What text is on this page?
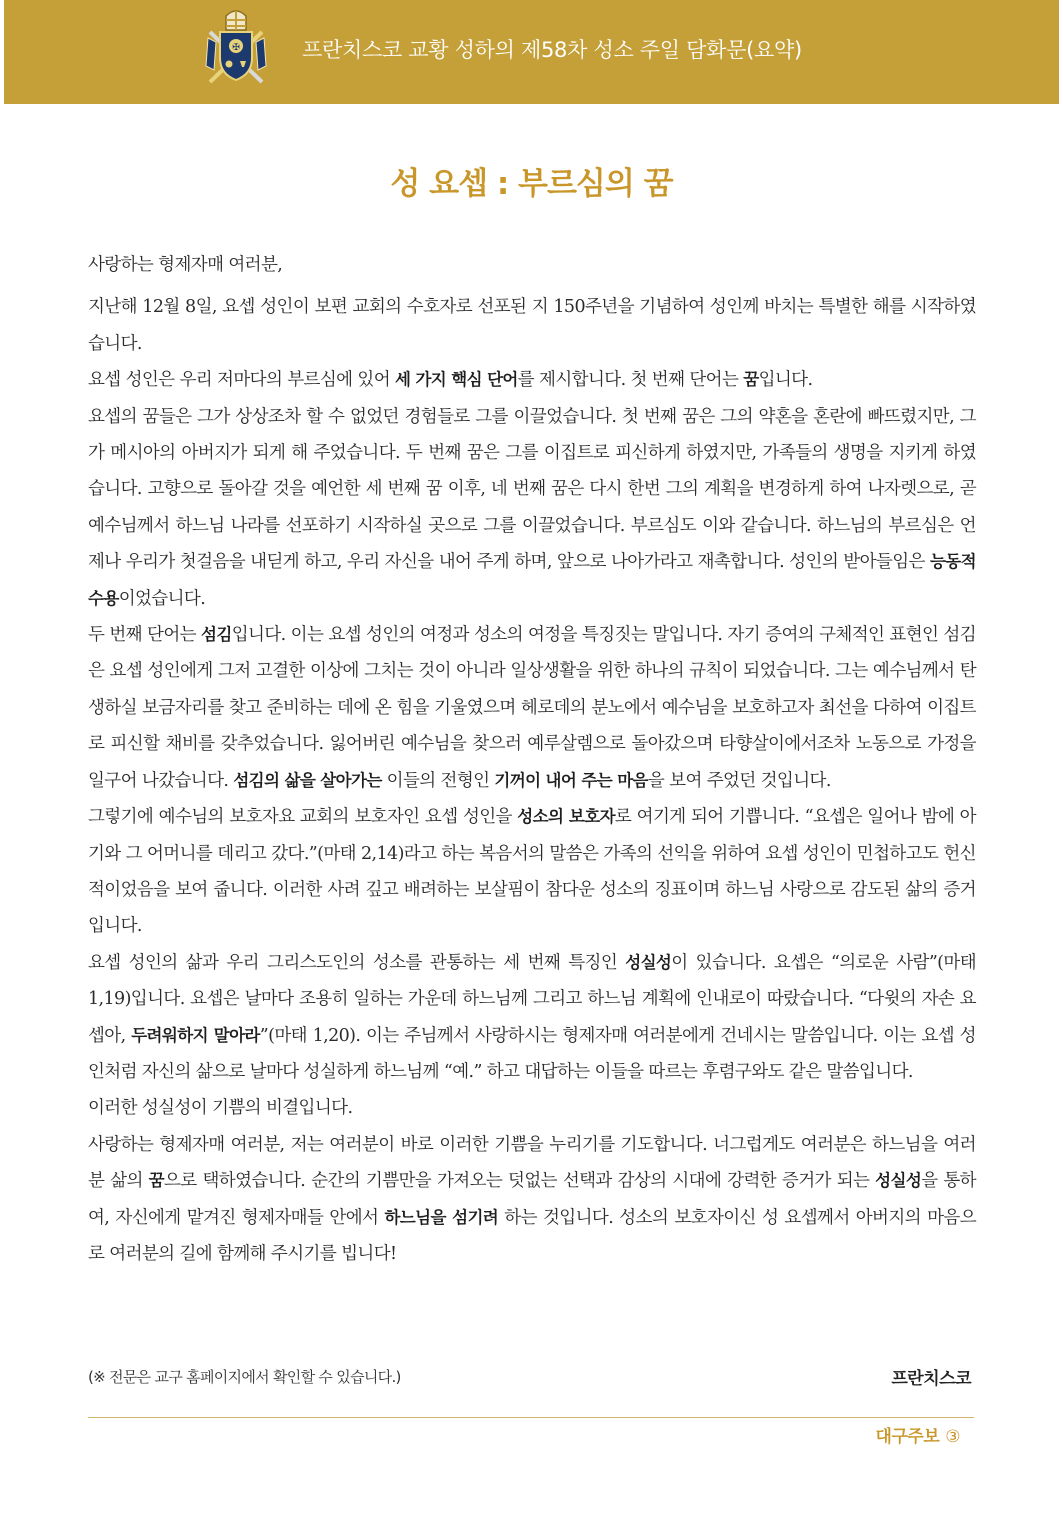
✠	프란치스코 교황 성하의 제58차 성소 주일 담화문(요약)
성 요셉 : 부르심의 꿈

사랑하는 형제자매 여러분,

지난해 12월 8일, 요셉 성인이 보편 교회의 수호자로 선포된 지 150주년을 기념하여 성인께 바치는 특별한 해를 시작하였습니다.

요셉 성인은 우리 저마다의 부르심에 있어 세 가지 핵심 단어를 제시합니다. 첫 번째 단어는 꿈입니다.

요셉의 꿈들은 그가 상상조차 할 수 없었던 경험들로 그를 이끌었습니다. 첫 번째 꿈은 그의 약혼을 혼란에 빠뜨렸지만, 그가 메시아의 아버지가 되게 해 주었습니다. 두 번째 꿈은 그를 이집트로 피신하게 하였지만, 가족들의 생명을 지키게 하였습니다. 고향으로 돌아갈 것을 예언한 세 번째 꿈 이후, 네 번째 꿈은 다시 한번 그의 계획을 변경하게 하여 나자렛으로, 곧 예수님께서 하느님 나라를 선포하기 시작하실 곳으로 그를 이끌었습니다. 부르심도 이와 같습니다. 하느님의 부르심은 언제나 우리가 첫걸음을 내딛게 하고, 우리 자신을 내어 주게 하며, 앞으로 나아가라고 재촉합니다. 성인의 받아들임은 능동적 수용이었습니다.

두 번째 단어는 섬김입니다. 이는 요셉 성인의 여정과 성소의 여정을 특징짓는 말입니다. 자기 증여의 구체적인 표현인 섬김은 요셉 성인에게 그저 고결한 이상에 그치는 것이 아니라 일상생활을 위한 하나의 규칙이 되었습니다. 그는 예수님께서 탄생하실 보금자리를 찾고 준비하는 데에 온 힘을 기울였으며 헤로데의 분노에서 예수님을 보호하고자 최선을 다하여 이집트로 피신할 채비를 갖추었습니다. 잃어버린 예수님을 찾으러 예루살렘으로 돌아갔으며 타향살이에서조차 노동으로 가정을 일구어 나갔습니다. 섬김의 삶을 살아가는 이들의 전형인 기꺼이 내어 주는 마음을 보여 주었던 것입니다.

그렇기에 예수님의 보호자요 교회의 보호자인 요셉 성인을 성소의 보호자로 여기게 되어 기쁩니다. “요셉은 일어나 밤에 아기와 그 어머니를 데리고 갔다.”(마태 2,14)라고 하는 복음서의 말씀은 가족의 선익을 위하여 요셉 성인이 민첩하고도 헌신적이었음을 보여 줍니다. 이러한 사려 깊고 배려하는 보살핌이 참다운 성소의 징표이며 하느님 사랑으로 감도된 삶의 증거입니다.

요셉 성인의 삶과 우리 그리스도인의 성소를 관통하는 세 번째 특징인 성실성이 있습니다. 요셉은 “의로운 사람”(마태 1,19)입니다. 요셉은 날마다 조용히 일하는 가운데 하느님께 그리고 하느님 계획에 인내로이 따랐습니다. “다윗의 자손 요셉아, 두려워하지 말아라”(마태 1,20). 이는 주님께서 사랑하시는 형제자매 여러분에게 건네시는 말씀입니다. 이는 요셉 성인처럼 자신의 삶으로 날마다 성실하게 하느님께 “예.” 하고 대답하는 이들을 따르는 후렴구와도 같은 말씀입니다.

이러한 성실성이 기쁨의 비결입니다.

사랑하는 형제자매 여러분, 저는 여러분이 바로 이러한 기쁨을 누리기를 기도합니다. 너그럽게도 여러분은 하느님을 여러분 삶의 꿈으로 택하였습니다. 순간의 기쁨만을 가져오는 덧없는 선택과 감상의 시대에 강력한 증거가 되는 성실성을 통하여, 자신에게 맡겨진 형제자매들 안에서 하느님을 섬기려 하는 것입니다. 성소의 보호자이신 성 요셉께서 아버지의 마음으로 여러분의 길에 함께해 주시기를 빕니다!

(※ 전문은 교구 홈페이지에서 확인할 수 있습니다.)	프란치스코
대구주보 ③
